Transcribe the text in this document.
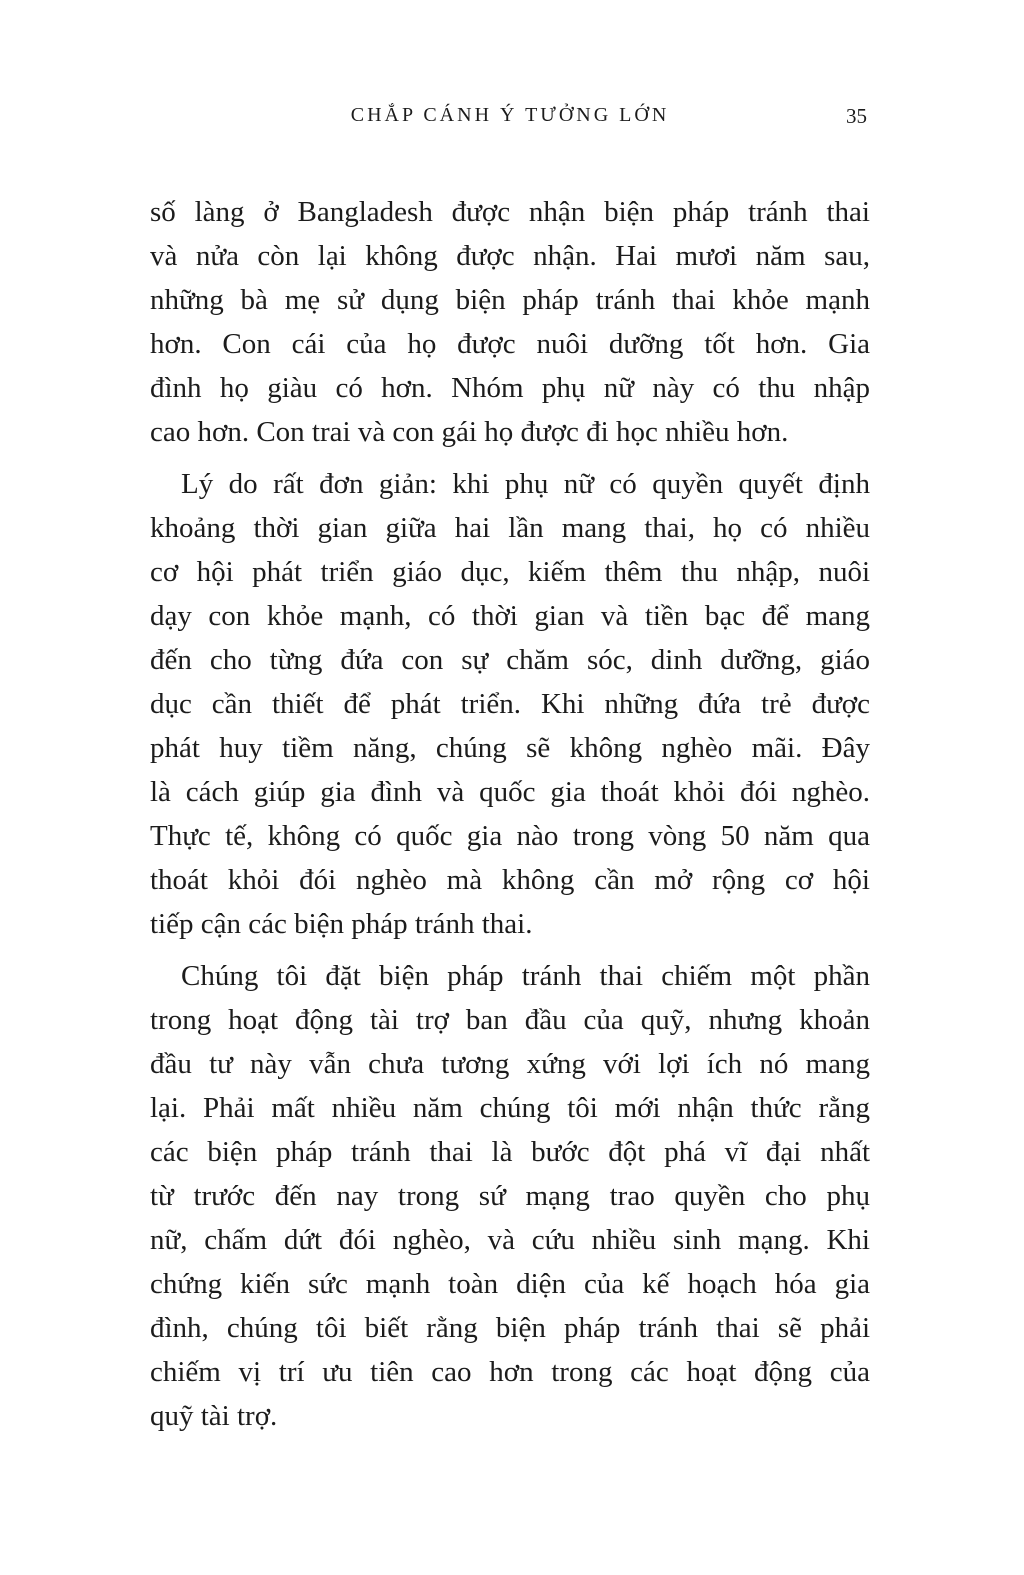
CHẮP CÁNH Ý TƯỞNG LỚN	35
số làng ở Bangladesh được nhận biện pháp tránh thai
và nửa còn lại không được nhận. Hai mươi năm sau,
những bà mẹ sử dụng biện pháp tránh thai khỏe mạnh
hơn. Con cái của họ được nuôi dưỡng tốt hơn. Gia
đình họ giàu có hơn. Nhóm phụ nữ này có thu nhập
cao hơn. Con trai và con gái họ được đi học nhiều hơn.
Lý do rất đơn giản: khi phụ nữ có quyền quyết định
khoảng thời gian giữa hai lần mang thai, họ có nhiều
cơ hội phát triển giáo dục, kiếm thêm thu nhập, nuôi
dạy con khỏe mạnh, có thời gian và tiền bạc để mang
đến cho từng đứa con sự chăm sóc, dinh dưỡng, giáo
dục cần thiết để phát triển. Khi những đứa trẻ được
phát huy tiềm năng, chúng sẽ không nghèo mãi. Đây
là cách giúp gia đình và quốc gia thoát khỏi đói nghèo.
Thực tế, không có quốc gia nào trong vòng 50 năm qua
thoát khỏi đói nghèo mà không cần mở rộng cơ hội
tiếp cận các biện pháp tránh thai.
Chúng tôi đặt biện pháp tránh thai chiếm một phần
trong hoạt động tài trợ ban đầu của quỹ, nhưng khoản
đầu tư này vẫn chưa tương xứng với lợi ích nó mang
lại. Phải mất nhiều năm chúng tôi mới nhận thức rằng
các biện pháp tránh thai là bước đột phá vĩ đại nhất
từ trước đến nay trong sứ mạng trao quyền cho phụ
nữ, chấm dứt đói nghèo, và cứu nhiều sinh mạng. Khi
chứng kiến sức mạnh toàn diện của kế hoạch hóa gia
đình, chúng tôi biết rằng biện pháp tránh thai sẽ phải
chiếm vị trí ưu tiên cao hơn trong các hoạt động của
quỹ tài trợ.
